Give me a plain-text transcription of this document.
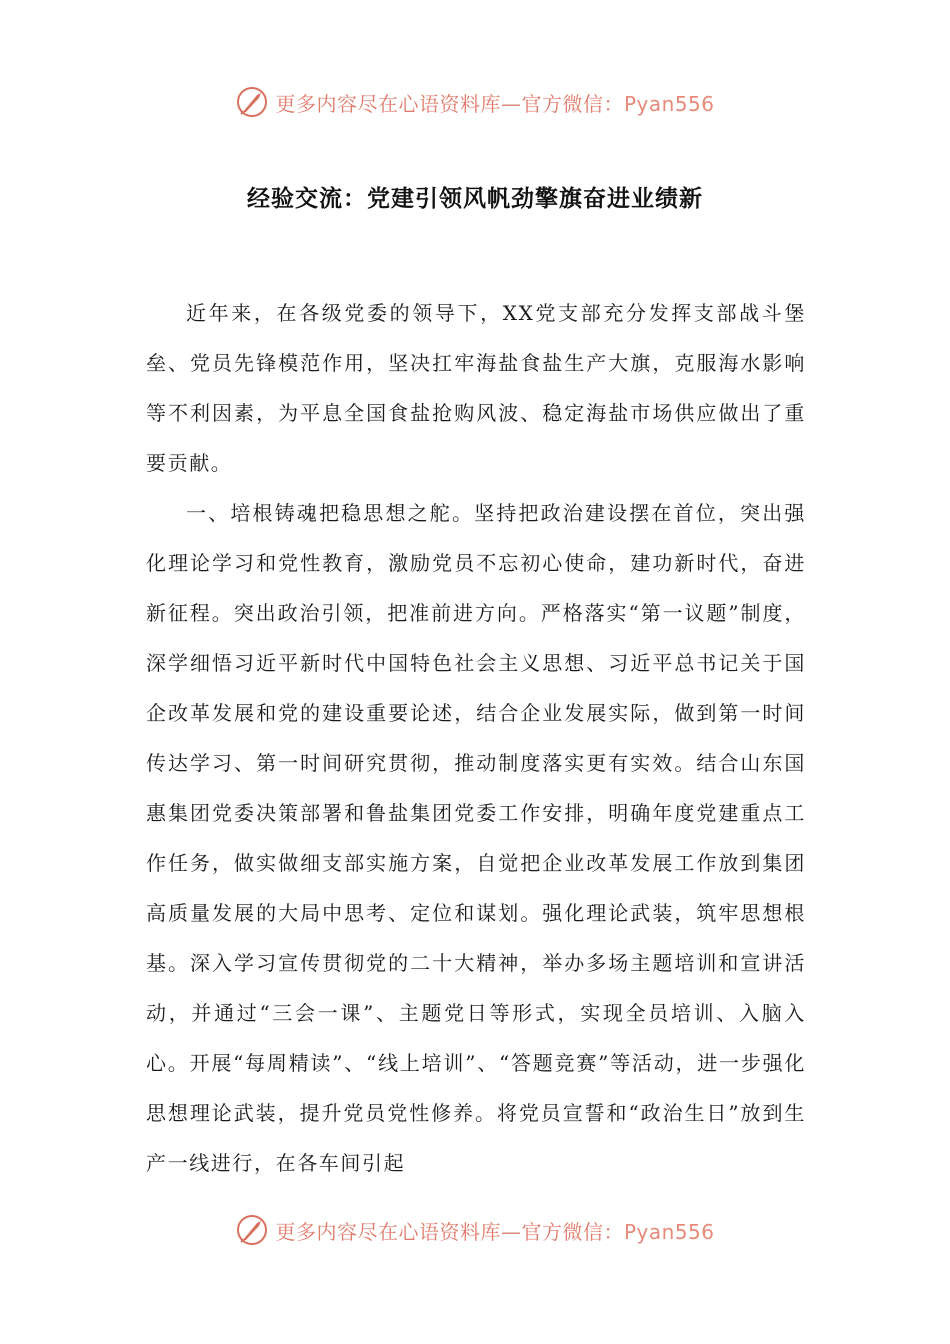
更多内容尽在心语资料库—官方微信：Pyan556
经验交流：党建引领风帆劲擎旗奋进业绩新

近年来，在各级党委的领导下，XX党支部充分发挥支部战斗堡垒、党员先锋模范作用，坚决扛牢海盐食盐生产大旗，克服海水影响等不利因素，为平息全国食盐抢购风波、稳定海盐市场供应做出了重要贡献。

一、培根铸魂把稳思想之舵。坚持把政治建设摆在首位，突出强化理论学习和党性教育，激励党员不忘初心使命，建功新时代，奋进新征程。突出政治引领，把准前进方向。严格落实“第一议题”制度，深学细悟习近平新时代中国特色社会主义思想、习近平总书记关于国企改革发展和党的建设重要论述，结合企业发展实际，做到第一时间传达学习、第一时间研究贯彻，推动制度落实更有实效。结合山东国惠集团党委决策部署和鲁盐集团党委工作安排，明确年度党建重点工作任务，做实做细支部实施方案，自觉把企业改革发展工作放到集团高质量发展的大局中思考、定位和谋划。强化理论武装，筑牢思想根基。深入学习宣传贯彻党的二十大精神，举办多场主题培训和宣讲活动，并通过“三会一课”、主题党日等形式，实现全员培训、入脑入心。开展“每周精读”、“线上培训”、“答题竞赛”等活动，进一步强化思想理论武装，提升党员党性修养。将党员宣誓和“政治生日”放到生产一线进行，在各车间引起

更多内容尽在心语资料库—官方微信：Pyan556
